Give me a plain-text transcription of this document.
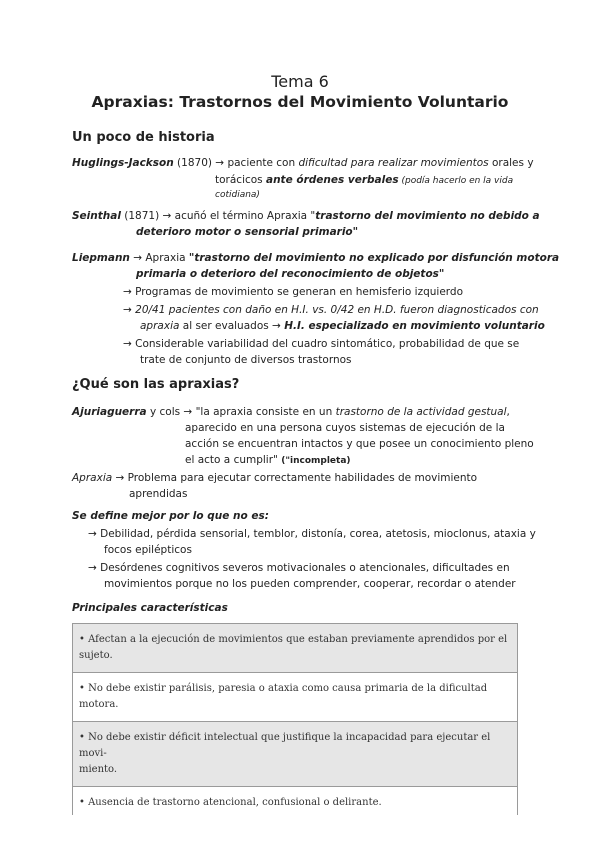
Tema 6
Apraxias: Trastornos del Movimiento Voluntario
Un poco de historia
Huglings-Jackson (1870) → paciente con dificultad para realizar movimientos orales y
torácicos ante órdenes verbales (podía hacerlo en la vida
cotidiana)
Seinthal (1871) → acuñó el término Apraxia "trastorno del movimiento no debido a
deterioro motor o sensorial primario"
Liepmann → Apraxia "trastorno del movimiento no explicado por disfunción motora
primaria o deterioro del reconocimiento de objetos"
→ Programas de movimiento se generan en hemisferio izquierdo
→ 20/41 pacientes con daño en H.I. vs. 0/42 en H.D. fueron diagnosticados con
apraxia al ser evaluados → H.I. especializado en movimiento voluntario
→ Considerable variabilidad del cuadro sintomático, probabilidad de que se
trate de conjunto de diversos trastornos
¿Qué son las apraxias?
Ajuriaguerra y cols → "la apraxia consiste en un trastorno de la actividad gestual,
aparecido en una persona cuyos sistemas de ejecución de la
acción se encuentran intactos y que posee un conocimiento pleno
el acto a cumplir" ("incompleta)
Apraxia → Problema para ejecutar correctamente habilidades de movimiento
aprendidas
Se define mejor por lo que no es:
→ Debilidad, pérdida sensorial, temblor, distonía, corea, atetosis, mioclonus, ataxia y
focos epilépticos
→ Desórdenes cognitivos severos motivacionales o atencionales, dificultades en
movimientos porque no los pueden comprender, cooperar, recordar o atender
Principales características
• Afectan a la ejecución de movimientos que estaban previamente aprendidos por el sujeto.
• No debe existir parálisis, paresia o ataxia como causa primaria de la dificultad motora.
• No debe existir déficit intelectual que justifique la incapacidad para ejecutar el movi-
miento.
• Ausencia de trastorno atencional, confusional o delirante.
